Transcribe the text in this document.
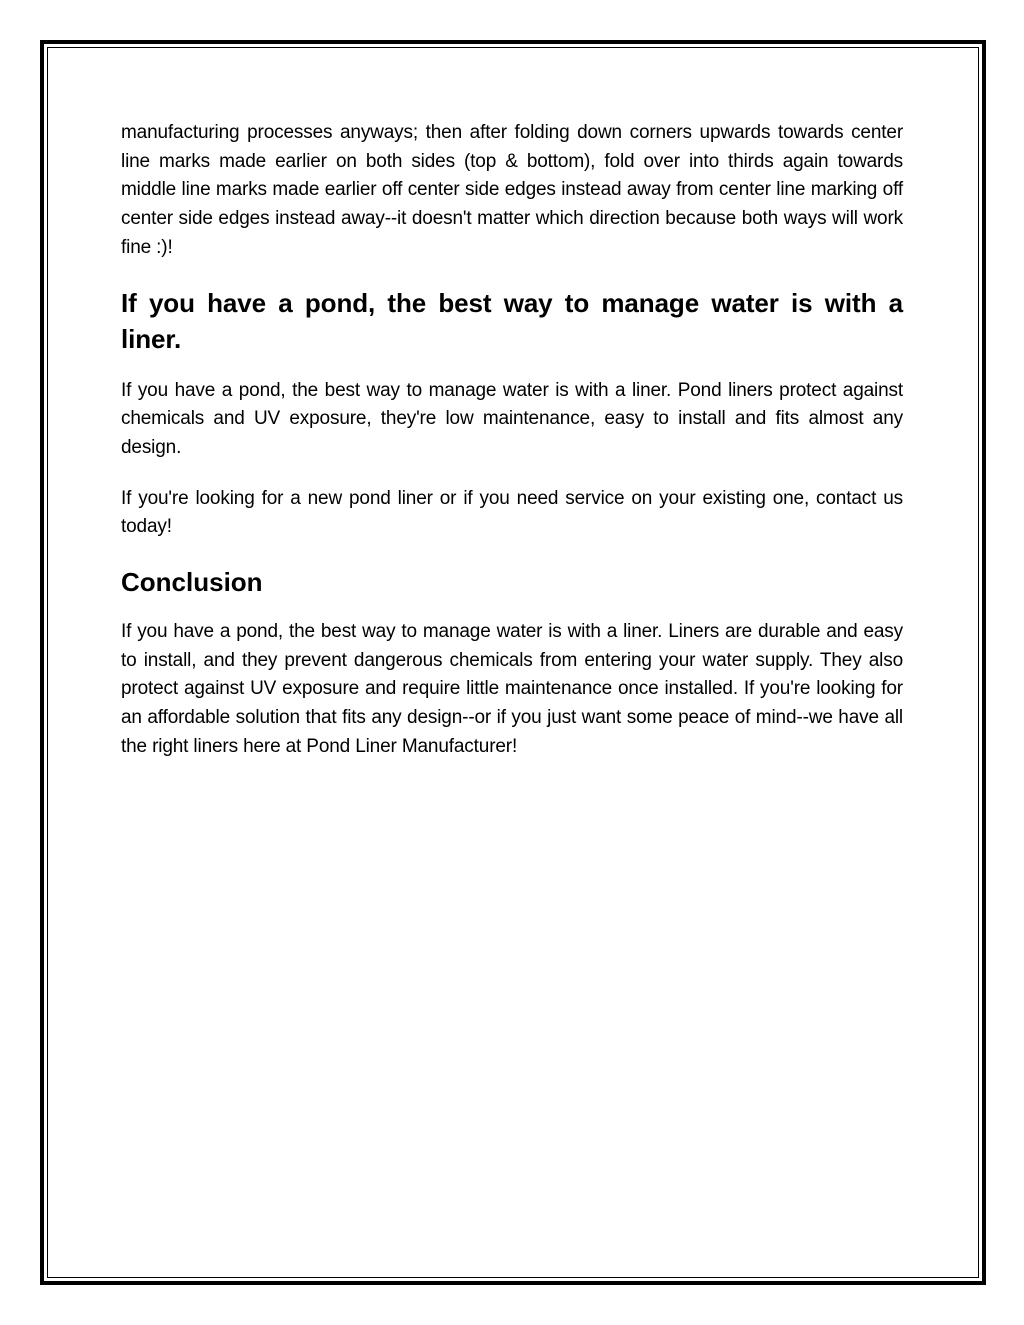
manufacturing processes anyways; then after folding down corners upwards towards center line marks made earlier on both sides (top & bottom), fold over into thirds again towards middle line marks made earlier off center side edges instead away from center line marking off center side edges instead away--it doesn't matter which direction because both ways will work fine :)!

If you have a pond, the best way to manage water is with a liner.

If you have a pond, the best way to manage water is with a liner. Pond liners protect against chemicals and UV exposure, they're low maintenance, easy to install and fits almost any design.

If you're looking for a new pond liner or if you need service on your existing one, contact us today!

Conclusion

If you have a pond, the best way to manage water is with a liner. Liners are durable and easy to install, and they prevent dangerous chemicals from entering your water supply. They also protect against UV exposure and require little maintenance once installed. If you're looking for an affordable solution that fits any design--or if you just want some peace of mind--we have all the right liners here at Pond Liner Manufacturer!
